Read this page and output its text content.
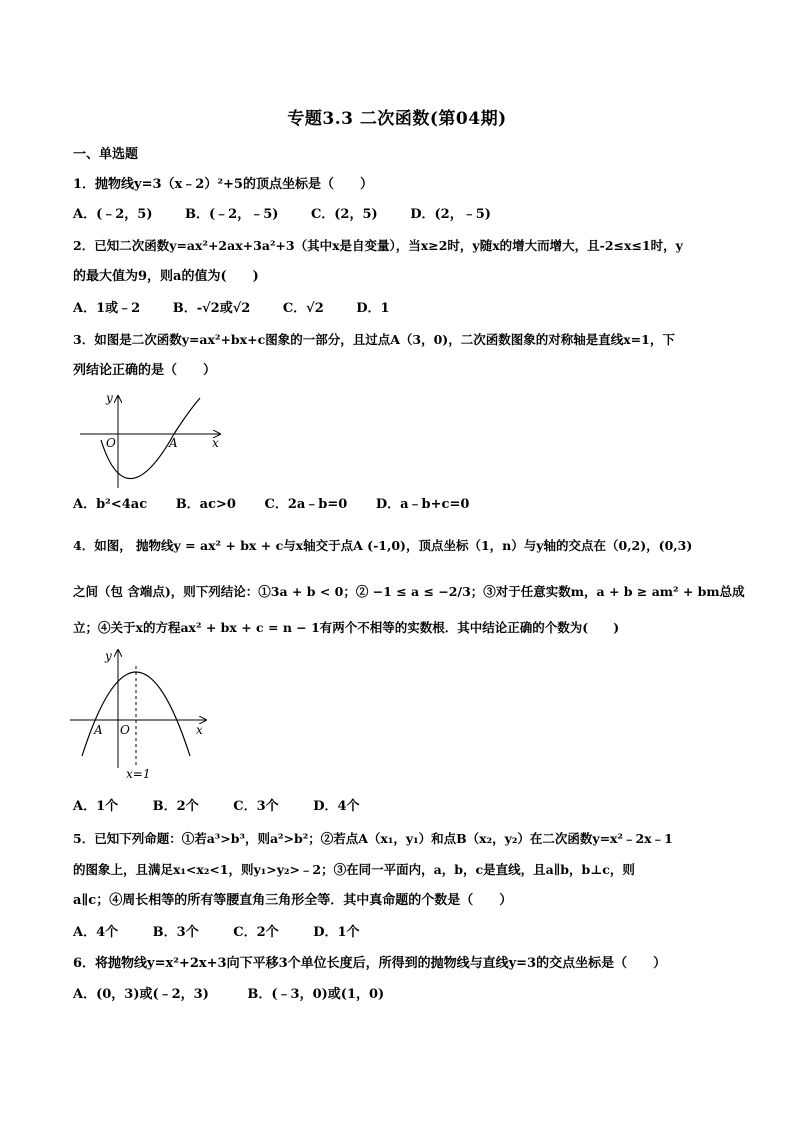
专题3.3 二次函数(第04期)
一、单选题
1．抛物线y=3（x﹣2）²+5的顶点坐标是（　　）
A．(﹣2，5)	B．(﹣2，﹣5)	C．(2，5)	D．(2，﹣5)
2．已知二次函数y=ax²+2ax+3a²+3（其中x是自变量），当x≥2时，y随x的增大而增大，且-2≤x≤1时，y
的最大值为9，则a的值为(　　)
A．1或﹣2	B．-√2或√2	C．√2	D．1
3．如图是二次函数y=ax²+bx+c图象的一部分，且过点A（3，0)，二次函数图象的对称轴是直线x=1，下
列结论正确的是（　　）
y
x
O	A
A．b²<4ac B．ac>0 C．2a﹣b=0 D．a﹣b+c=0
4．如图， 抛物线y = ax² + bx + c与x轴交于点A (-1,0)，顶点坐标（1，n）与y轴的交点在（0,2)，(0,3)
之间（包 含端点)，则下列结论：①3a + b < 0；② −1 ≤ a ≤ −2/3；③对于任意实数m，a + b ≥ am² + bm总成
立；④关于x的方程ax² + bx + c = n − 1有两个不相等的实数根．其中结论正确的个数为(　　)
y
x
O
A
x=1
A．1个	B．2个	C．3个	D．4个
5．已知下列命题：①若a³>b³，则a²>b²；②若点A（x₁，y₁）和点B（x₂，y₂）在二次函数y=x²﹣2x﹣1
的图象上，且满足x₁<x₂<1，则y₁>y₂>﹣2；③在同一平面内，a，b，c是直线，且a∥b，b⊥c，则
a∥c；④周长相等的所有等腰直角三角形全等．其中真命题的个数是（　　）
A．4个	B．3个	C．2个	D．1个
6．将抛物线y=x²+2x+3向下平移3个单位长度后，所得到的抛物线与直线y=3的交点坐标是（　　）
A．(0，3)或(﹣2，3)	B．(﹣3，0)或(1，0)
